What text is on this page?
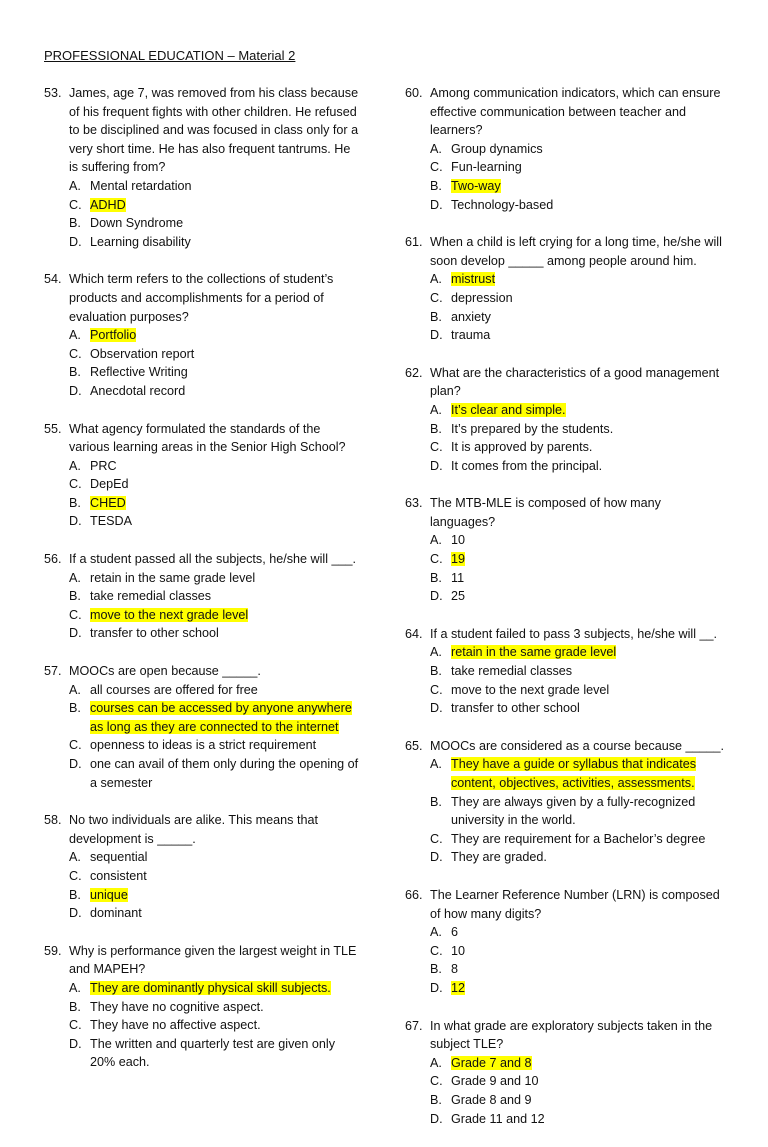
PROFESSIONAL EDUCATION – Material 2
53. James, age 7, was removed from his class because of his frequent fights with other children. He refused to be disciplined and was focused in class only for a very short time. He has also frequent tantrums. He is suffering from?
A. Mental retardation
C. ADHD
B. Down Syndrome
D. Learning disability
54. Which term refers to the collections of student’s products and accomplishments for a period of evaluation purposes?
A. Portfolio
C. Observation report
B. Reflective Writing
D. Anecdotal record
55. What agency formulated the standards of the various learning areas in the Senior High School?
A. PRC
C. DepEd
B. CHED
D. TESDA
56. If a student passed all the subjects, he/she will ___.
A. retain in the same grade level
B. take remedial classes
C. move to the next grade level
D. transfer to other school
57. MOOCs are open because _____.
A. all courses are offered for free
B. courses can be accessed by anyone anywhere as long as they are connected to the internet
C. openness to ideas is a strict requirement
D. one can avail of them only during the opening of a semester
58. No two individuals are alike. This means that development is _____.
A. sequential
C. consistent
B. unique
D. dominant
59. Why is performance given the largest weight in TLE and MAPEH?
A. They are dominantly physical skill subjects.
B. They have no cognitive aspect.
C. They have no affective aspect.
D. The written and quarterly test are given only 20% each.
60. Among communication indicators, which can ensure effective communication between teacher and learners?
A. Group dynamics
C. Fun-learning
B. Two-way
D. Technology-based
61. When a child is left crying for a long time, he/she will soon develop _____ among people around him.
A. mistrust
C. depression
B. anxiety
D. trauma
62. What are the characteristics of a good management plan?
A. It’s clear and simple.
B. It’s prepared by the students.
C. It is approved by parents.
D. It comes from the principal.
63. The MTB-MLE is composed of how many languages?
A. 10
C. 19
B. 11
D. 25
64. If a student failed to pass 3 subjects, he/she will __.
A. retain in the same grade level
B. take remedial classes
C. move to the next grade level
D. transfer to other school
65. MOOCs are considered as a course because _____.
A. They have a guide or syllabus that indicates content, objectives, activities, assessments.
B. They are always given by a fully-recognized university in the world.
C. They are requirement for a Bachelor’s degree
D. They are graded.
66. The Learner Reference Number (LRN) is composed of how many digits?
A. 6
C. 10
B. 8
D. 12
67. In what grade are exploratory subjects taken in the subject TLE?
A. Grade 7 and 8
C. Grade 9 and 10
B. Grade 8 and 9
D. Grade 11 and 12
